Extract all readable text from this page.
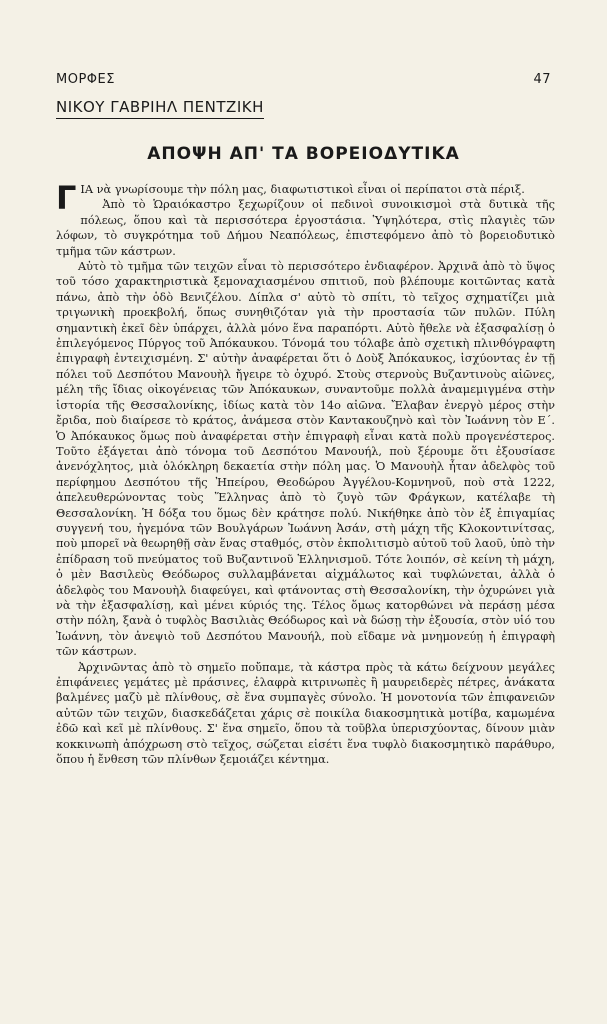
ΜΟΡΦΕΣ	47
ΝΙΚΟΥ ΓΑΒΡΙΗΛ ΠΕΝΤΖΙΚΗ
ΑΠΟΨΗ ΑΠ' ΤΑ ΒΟΡΕΙΟΔΥΤΙΚΑ

ΓΙΑ νὰ γνωρίσουμε τὴν πόλη μας, διαφωτιστικοὶ εἶναι οἱ περίπατοι στὰ πέριξ.

Ἀπὸ τὸ Ὡραιόκαστρο ξεχωρίζουν οἱ πεδινοὶ συνοικισμοὶ στὰ δυτικὰ τῆς πόλεως, ὅπου καὶ τὰ περισσότερα ἐργοστάσια. Ὑψηλότερα, στὶς πλαγιὲς τῶν λόφων, τὸ συγκρότημα τοῦ Δήμου Νεαπόλεως, ἐπιστεφόμενο ἀπὸ τὸ βορειοδυτικὸ τμῆμα τῶν κάστρων.

Αὐτὸ τὸ τμῆμα τῶν τειχῶν εἶναι τὸ περισσότερο ἐνδιαφέρον. Ἀρχινᾶ ἀπὸ τὸ ὕψος τοῦ τόσο χαρακτηριστικὰ ξεμοναχιασμένου σπιτιοῦ, ποὺ βλέπουμε κοιτῶντας κατὰ πάνω, ἀπὸ τὴν ὁδὸ Βενιζέλου. Δίπλα σ' αὐτὸ τὸ σπίτι, τὸ τεῖχος σχηματίζει μιὰ τριγωνικὴ προεκβολή, ὅπως συνηθιζόταν γιὰ τὴν προστασία τῶν πυλῶν. Πύλη σημαντικὴ ἐκεῖ δὲν ὑπάρχει, ἀλλὰ μόνο ἕνα παραπόρτι. Αὐτὸ ἤθελε νὰ ἐξασφαλίσῃ ὁ ἐπιλεγόμενος Πύργος τοῦ Ἀπόκαυκου. Τόνομά του τόλαβε ἀπὸ σχετικὴ πλινθόγραφτη ἐπιγραφὴ ἐντειχισμένη. Σ' αὐτὴν ἀναφέρεται ὅτι ὁ Δοὺξ Ἀπόκαυκος, ἰσχύοντας ἐν τῇ πόλει τοῦ Δεσπότου Μανουὴλ ἤγειρε τὸ ὀχυρό. Στοὺς στερνοὺς Βυζαντινοὺς αἰῶνες, μέλη τῆς ἴδιας οἰκογένειας τῶν Ἀπόκαυκων, συναντοῦμε πολλὰ ἀναμεμιγμένα στὴν ἱστορία τῆς Θεσσαλονίκης, ἰδίως κατὰ τὸν 14ο αἰῶνα. Ἔλαβαν ἐνεργὸ μέρος στὴν ἔριδα, ποὺ διαίρεσε τὸ κράτος, ἀνάμεσα στὸν Καντακουζηνὸ καὶ τὸν Ἰωάννη τὸν Ε΄. Ὁ Ἀπόκαυκος ὅμως ποὺ ἀναφέρεται στὴν ἐπιγραφὴ εἶναι κατὰ πολὺ προγενέστερος. Τοῦτο ἐξάγεται ἀπὸ τόνομα τοῦ Δεσπότου Μανουήλ, ποὺ ξέρουμε ὅτι ἐξουσίασε ἀνενόχλητος, μιὰ ὁλόκληρη δεκαετία στὴν πόλη μας. Ὁ Μανουὴλ ἦταν ἀδελφὸς τοῦ περίφημου Δεσπότου τῆς Ἠπείρου, Θεοδώρου Ἀγγέλου-Κομνηνοῦ, ποὺ στὰ 1222, ἀπελευθερώνοντας τοὺς Ἕλληνας ἀπὸ τὸ ζυγὸ τῶν Φράγκων, κατέλαβε τὴ Θεσσαλονίκη. Ἡ δόξα του ὅμως δὲν κράτησε πολύ. Νικήθηκε ἀπὸ τὸν ἐξ ἐπιγαμίας συγγενή του, ἡγεμόνα τῶν Βουλγάρων Ἰωάννη Ἀσάν, στὴ μάχη τῆς Κλοκοντινίτσας, ποὺ μπορεῖ νὰ θεωρηθῇ σὰν ἕνας σταθμός, στὸν ἐκπολιτισμὸ αὐτοῦ τοῦ λαοῦ, ὑπὸ τὴν ἐπίδραση τοῦ πνεύματος τοῦ Βυζαντινοῦ Ἑλληνισμοῦ. Τότε λοιπόν, σὲ κείνη τὴ μάχη, ὁ μὲν Βασιλεὺς Θεόδωρος συλλαμβάνεται αἰχμάλωτος καὶ τυφλώνεται, ἀλλὰ ὁ ἀδελφὸς του Μανουὴλ διαφεύγει, καὶ φτάνοντας στὴ Θεσσαλονίκη, τὴν ὀχυρώνει γιὰ νὰ τὴν ἐξασφαλίσῃ, καὶ μένει κύριός της. Τέλος ὅμως κατορθώνει νὰ περάσῃ μέσα στὴν πόλη, ξανὰ ὁ τυφλὸς Βασιλιὰς Θεόδωρος καὶ νὰ δώσῃ τὴν ἐξουσία, στὸν υἱό του Ἰωάννη, τὸν ἀνεψιὸ τοῦ Δεσπότου Μανουήλ, ποὺ εἴδαμε νὰ μνημονεύῃ ἡ ἐπιγραφὴ τῶν κάστρων.

Ἀρχινῶντας ἀπὸ τὸ σημεῖο ποὔπαμε, τὰ κάστρα πρὸς τὰ κάτω δείχνουν μεγάλες ἐπιφάνειες γεμάτες μὲ πράσινες, ἐλαφρὰ κιτρινωπὲς ἢ μαυρειδερὲς πέτρες, ἀνάκατα βαλμένες μαζὺ μὲ πλίνθους, σὲ ἕνα συμπαγὲς σύνολο. Ἡ μονοτονία τῶν ἐπιφανειῶν αὐτῶν τῶν τειχῶν, διασκεδάζεται χάρις σὲ ποικίλα διακοσμητικὰ μοτίβα, καμωμένα ἐδῶ καὶ κεῖ μὲ πλίνθους. Σ' ἕνα σημεῖο, ὅπου τὰ τοῦβλα ὑπερισχύοντας, δίνουν μιὰν κοκκινωπὴ ἀπόχρωση στὸ τεῖχος, σώζεται εἰσέτι ἕνα τυφλὸ διακοσμητικὸ παράθυρο, ὅπου ἡ ἔνθεση τῶν πλίνθων ξεμοιάζει κέντημα.
